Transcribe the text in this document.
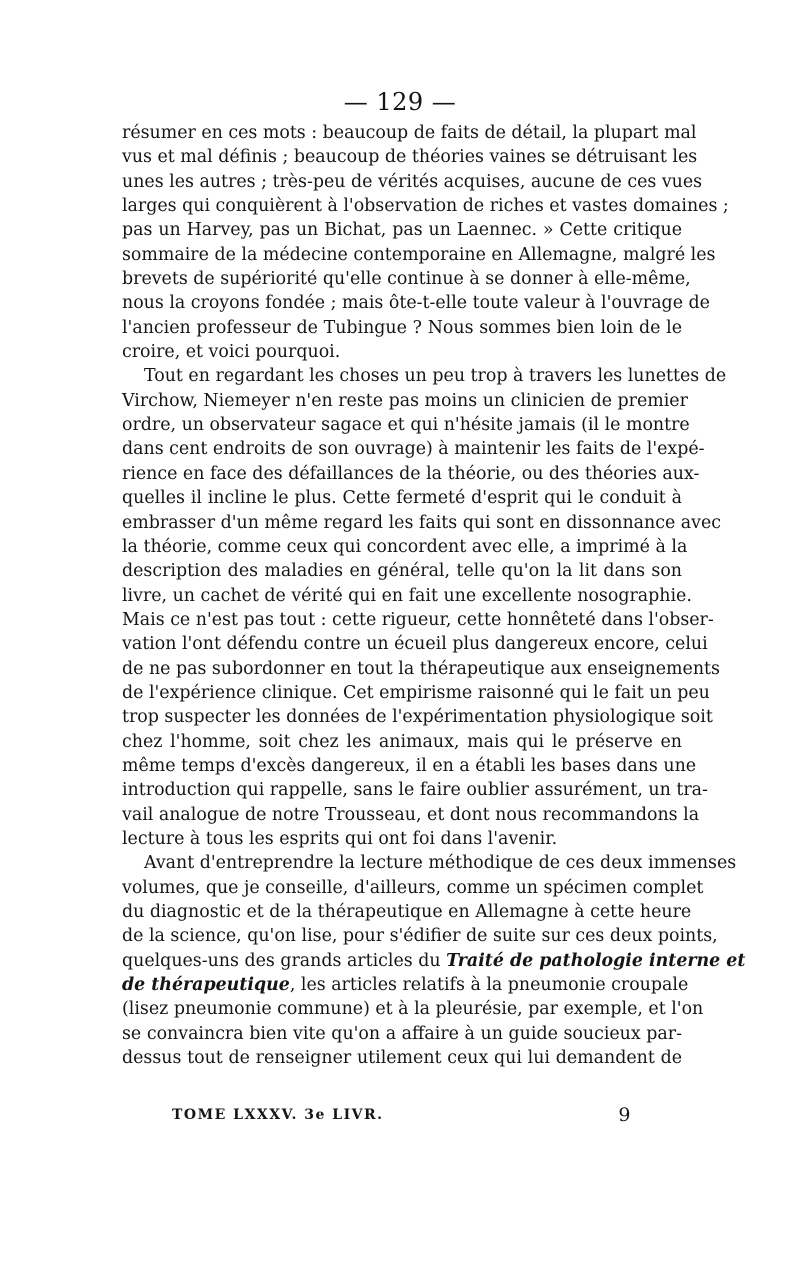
— 129 —
résumer en ces mots : beaucoup de faits de détail, la plupart mal
vus et mal définis ; beaucoup de théories vaines se détruisant les
unes les autres ; très-peu de vérités acquises, aucune de ces vues
larges qui conquièrent à l'observation de riches et vastes domaines ;
pas un Harvey, pas un Bichat, pas un Laennec. » Cette critique
sommaire de la médecine contemporaine en Allemagne, malgré les
brevets de supériorité qu'elle continue à se donner à elle-même,
nous la croyons fondée ; mais ôte-t-elle toute valeur à l'ouvrage de
l'ancien professeur de Tubingue ? Nous sommes bien loin de le
croire, et voici pourquoi.
Tout en regardant les choses un peu trop à travers les lunettes de
Virchow, Niemeyer n'en reste pas moins un clinicien de premier
ordre, un observateur sagace et qui n'hésite jamais (il le montre
dans cent endroits de son ouvrage) à maintenir les faits de l'expé-
rience en face des défaillances de la théorie, ou des théories aux-
quelles il incline le plus. Cette fermeté d'esprit qui le conduit à
embrasser d'un même regard les faits qui sont en dissonnance avec
la théorie, comme ceux qui concordent avec elle, a imprimé à la
description des maladies en général, telle qu'on la lit dans son
livre, un cachet de vérité qui en fait une excellente nosographie.
Mais ce n'est pas tout : cette rigueur, cette honnêteté dans l'obser-
vation l'ont défendu contre un écueil plus dangereux encore, celui
de ne pas subordonner en tout la thérapeutique aux enseignements
de l'expérience clinique. Cet empirisme raisonné qui le fait un peu
trop suspecter les données de l'expérimentation physiologique soit
chez l'homme, soit chez les animaux, mais qui le préserve en
même temps d'excès dangereux, il en a établi les bases dans une
introduction qui rappelle, sans le faire oublier assurément, un tra-
vail analogue de notre Trousseau, et dont nous recommandons la
lecture à tous les esprits qui ont foi dans l'avenir.
Avant d'entreprendre la lecture méthodique de ces deux immenses
volumes, que je conseille, d'ailleurs, comme un spécimen complet
du diagnostic et de la thérapeutique en Allemagne à cette heure
de la science, qu'on lise, pour s'édifier de suite sur ces deux points,
quelques-uns des grands articles du Traité de pathologie interne et
de thérapeutique, les articles relatifs à la pneumonie croupale
(lisez pneumonie commune) et à la pleurésie, par exemple, et l'on
se convaincra bien vite qu'on a affaire à un guide soucieux par-
dessus tout de renseigner utilement ceux qui lui demandent de
TOME LXXXV. 3e LIVR.	9
